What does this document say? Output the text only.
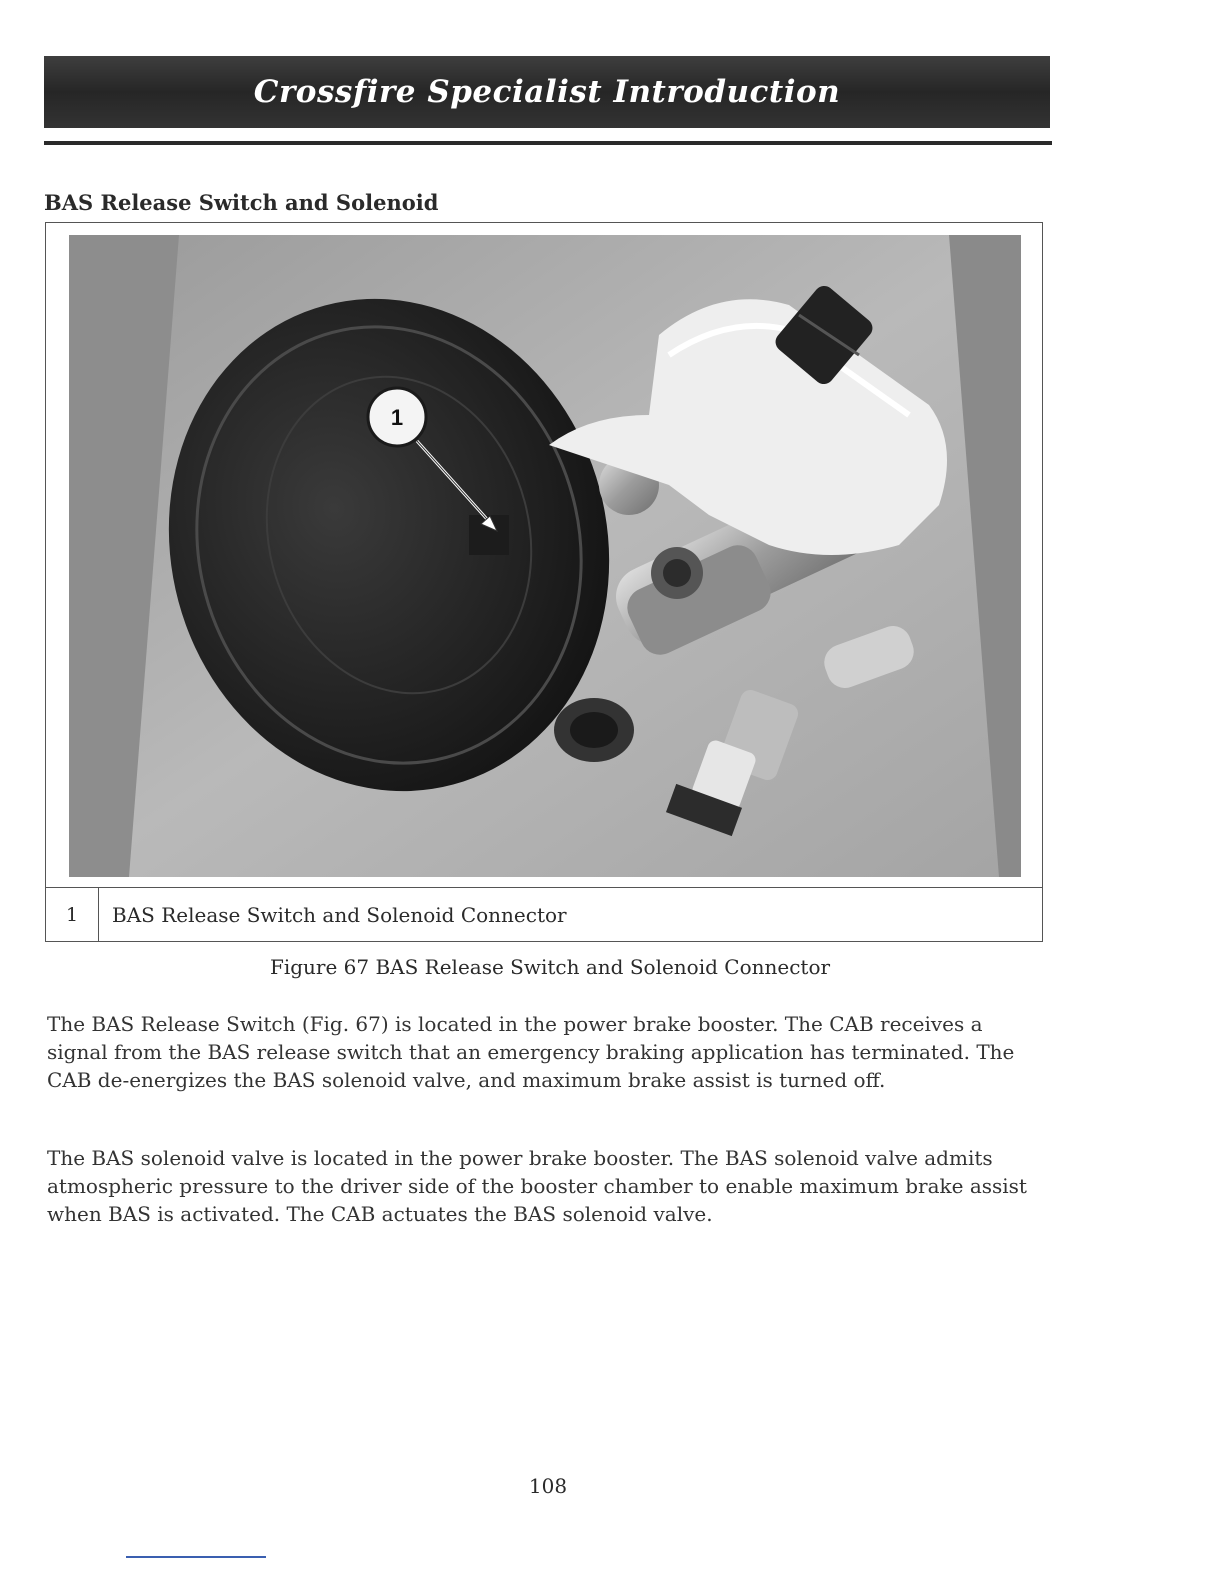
Crossfire Specialist Introduction
BAS Release Switch and Solenoid
1
1	BAS Release Switch and Solenoid Connector
Figure 67 BAS Release Switch and Solenoid Connector

The BAS Release Switch (Fig. 67) is located in the power brake booster. The CAB receives a signal from the BAS release switch that an emergency braking application has terminated. The CAB de-energizes the BAS solenoid valve, and maximum brake assist is turned off.

The BAS solenoid valve is located in the power brake booster. The BAS solenoid valve admits atmospheric pressure to the driver side of the booster chamber to enable maximum brake assist when BAS is activated. The CAB actuates the BAS solenoid valve.

108
